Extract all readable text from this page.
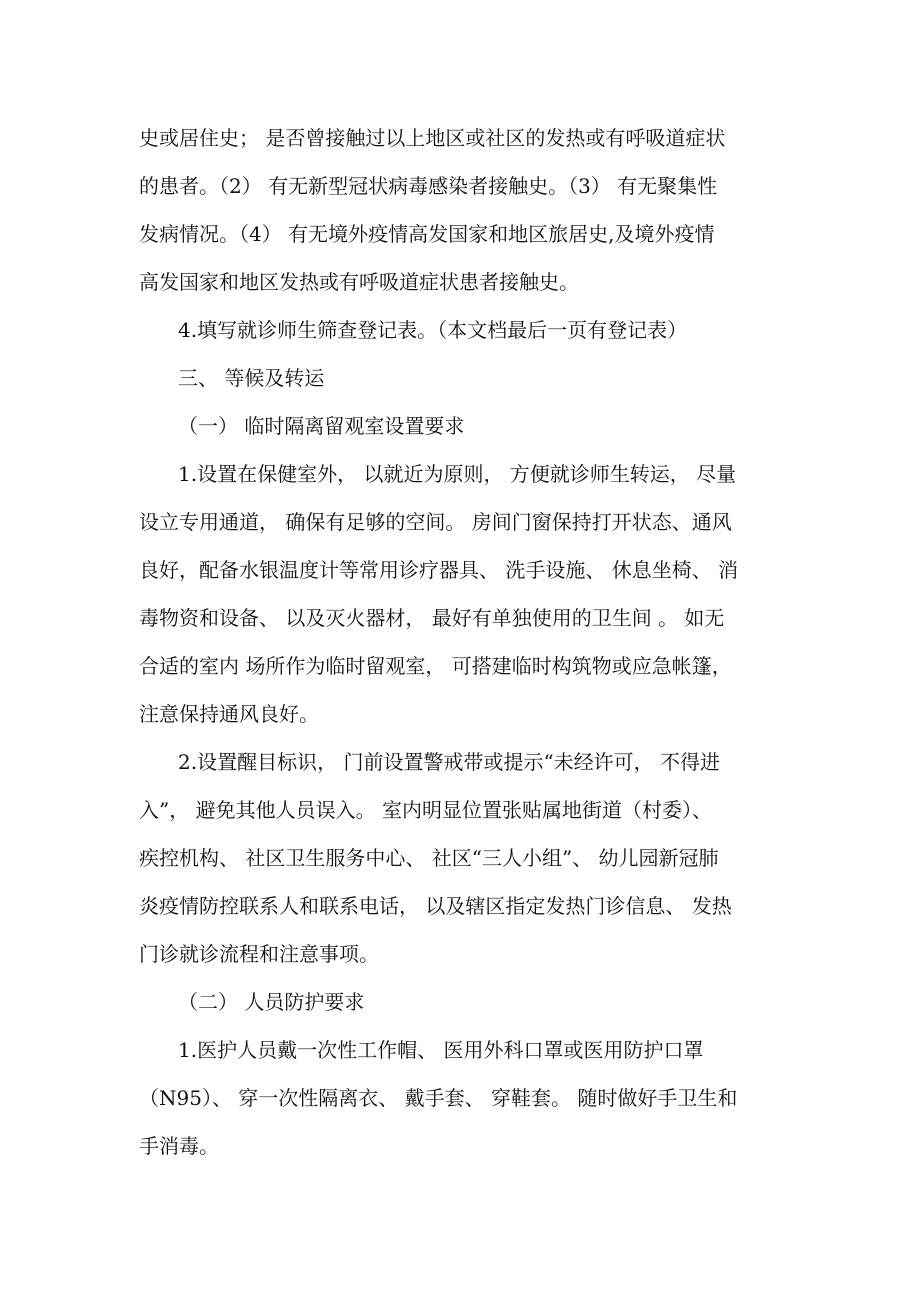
史或居住史； 是否曾接触过以上地区或社区的发热或有呼吸道症状
的患者。（2） 有无新型冠状病毒感染者接触史。（3） 有无聚集性
发病情况。（4） 有无境外疫情高发国家和地区旅居史,及境外疫情
高发国家和地区发热或有呼吸道症状患者接触史。
4.填写就诊师生筛查登记表。（本文档最后一页有登记表）
三、 等候及转运
（一） 临时隔离留观室设置要求
1.设置在保健室外， 以就近为原则， 方便就诊师生转运， 尽量
设立专用通道， 确保有足够的空间。 房间门窗保持打开状态、通风
良好，配备水银温度计等常用诊疗器具、 洗手设施、 休息坐椅、 消
毒物资和设备、 以及灭火器材， 最好有单独使用的卫生间 。 如无
合适的室内 场所作为临时留观室， 可搭建临时构筑物或应急帐篷，
注意保持通风良好。
2.设置醒目标识， 门前设置警戒带或提示“未经许可， 不得进
入”， 避免其他人员误入。 室内明显位置张贴属地街道（村委）、
疾控机构、 社区卫生服务中心、 社区“三人小组”、 幼儿园新冠肺
炎疫情防控联系人和联系电话， 以及辖区指定发热门诊信息、 发热
门诊就诊流程和注意事项。
（二） 人员防护要求
1.医护人员戴一次性工作帽、 医用外科口罩或医用防护口罩
（N95）、 穿一次性隔离衣、 戴手套、 穿鞋套。 随时做好手卫生和
手消毒。
